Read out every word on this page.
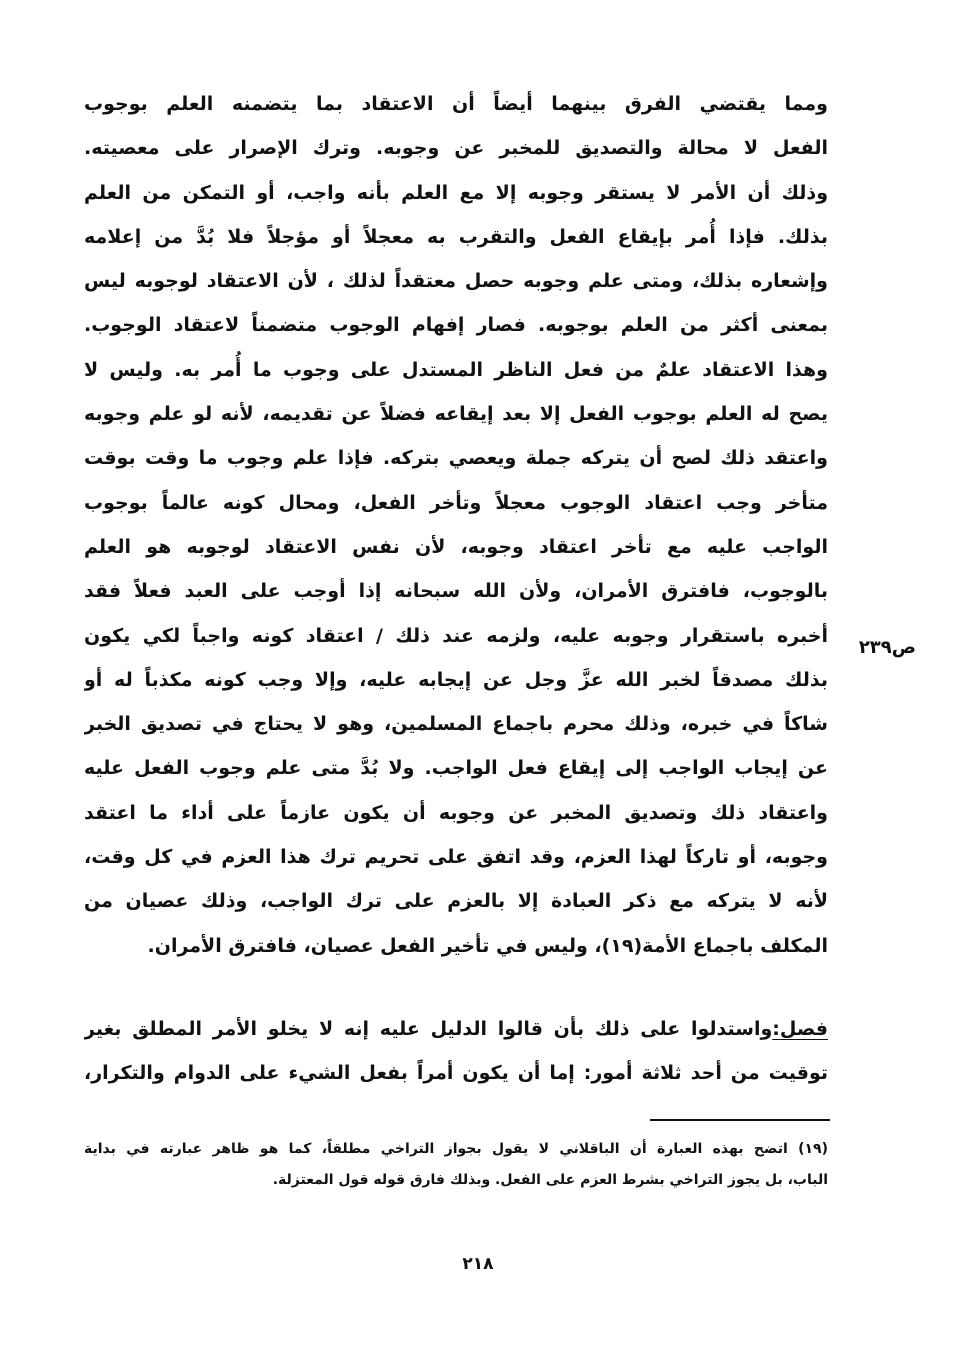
ومما يقتضي الفرق بينهما أيضاً أن الاعتقاد بما يتضمنه العلم بوجوب
الفعل لا محالة والتصديق للمخبر عن وجوبه. وترك الإصرار على معصيته.
وذلك أن الأمر لا يستقر وجوبه إلا مع العلم بأنه واجب، أو التمكن من العلم
بذلك. فإذا أُمر بإيقاع الفعل والتقرب به معجلاً أو مؤجلاً فلا بُدَّ من إعلامه
وإشعاره بذلك، ومتى علم وجوبه حصل معتقداً لذلك ، لأن الاعتقاد لوجوبه ليس
بمعنى أكثر من العلم بوجوبه. فصار إفهام الوجوب متضمناً لاعتقاد الوجوب.
وهذا الاعتقاد علمٌ من فعل الناظر المستدل على وجوب ما أُمر به. وليس لا
يصح له العلم بوجوب الفعل إلا بعد إيقاعه فضلاً عن تقديمه، لأنه لو علم وجوبه
واعتقد ذلك لصح أن يتركه جملة ويعصي بتركه. فإذا علم وجوب ما وقت بوقت
متأخر وجب اعتقاد الوجوب معجلاً وتأخر الفعل، ومحال كونه عالماً بوجوب
الواجب عليه مع تأخر اعتقاد وجوبه، لأن نفس الاعتقاد لوجوبه هو العلم
بالوجوب، فافترق الأمران، ولأن الله سبحانه إذا أوجب على العبد فعلاً فقد
أخبره باستقرار وجوبه عليه، ولزمه عند ذلك / اعتقاد كونه واجباً لكي يكون
بذلك مصدقاً لخبر الله عزَّ وجل عن إيجابه عليه، وإلا وجب كونه مكذباً له أو
شاكاً في خبره، وذلك محرم باجماع المسلمين، وهو لا يحتاج في تصديق الخبر
عن إيجاب الواجب إلى إيقاع فعل الواجب. ولا بُدَّ متى علم وجوب الفعل عليه
واعتقاد ذلك وتصديق المخبر عن وجوبه أن يكون عازماً على أداء ما اعتقد
وجوبه، أو تاركاً لهذا العزم، وقد اتفق على تحريم ترك هذا العزم في كل وقت،
لأنه لا يتركه مع ذكر العبادة إلا بالعزم على ترك الواجب، وذلك عصيان من
المكلف باجماع الأمة(١٩)، وليس في تأخير الفعل عصيان، فافترق الأمران.
ص٢٣٩
فصل:واستدلوا على ذلك بأن قالوا الدليل عليه إنه لا يخلو الأمر المطلق بغير
توقيت من أحد ثلاثة أمور: إما أن يكون أمراً بفعل الشيء على الدوام والتكرار،
(١٩) اتضح بهذه العبارة أن الباقلاني لا يقول بجواز التراخي مطلقاً، كما هو ظاهر عبارته في بداية
الباب، بل يجوز التراخي بشرط العزم على الفعل. وبذلك فارق قوله قول المعتزلة.
٢١٨
